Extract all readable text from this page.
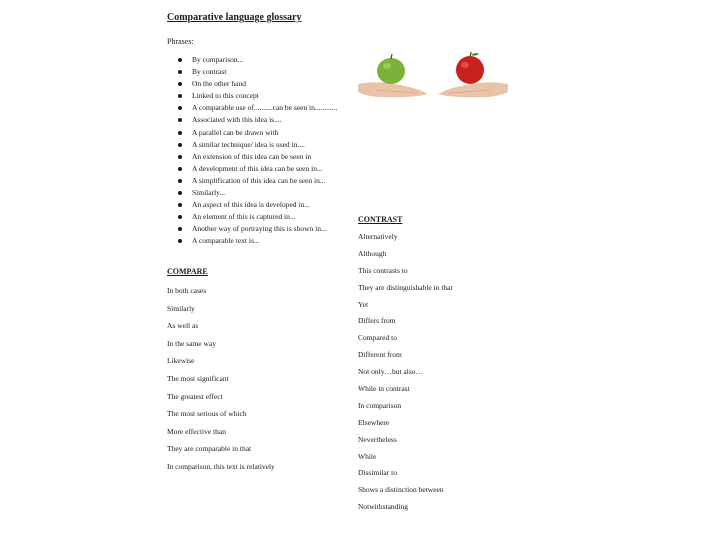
Comparative language glossary
Phrases:
By comparison...
By contrast
On the other hand
Linked to this concept
A comparable use of..........can be seen in............
Associated with this idea is....
A parallel can be drawn with
A similar technique/ idea is used in....
An extension of this idea can be seen in
A development of this idea can be seen in...
A simplification of this idea can be seen in...
Similarly...
An aspect of this idea is developed in...
An element of this is captured in...
Another way of portraying this is shown in...
A comparable text is...
COMPARE
In both cases
Similarly
As well as
In the same way
Likewise
The most significant
The greatest effect
The most serious of which
More effective than
They are comparable in that
In comparison, this text is relatively
CONTRAST
Alternatively
Although
This contrasts to
They are distinguishable in that
Yet
Differs from
Compared to
Different from
Not only…but also…
While in contrast
In comparison
Elsewhere
Nevertheless
While
Dissimilar to
Shows a distinction between
Notwithstanding
